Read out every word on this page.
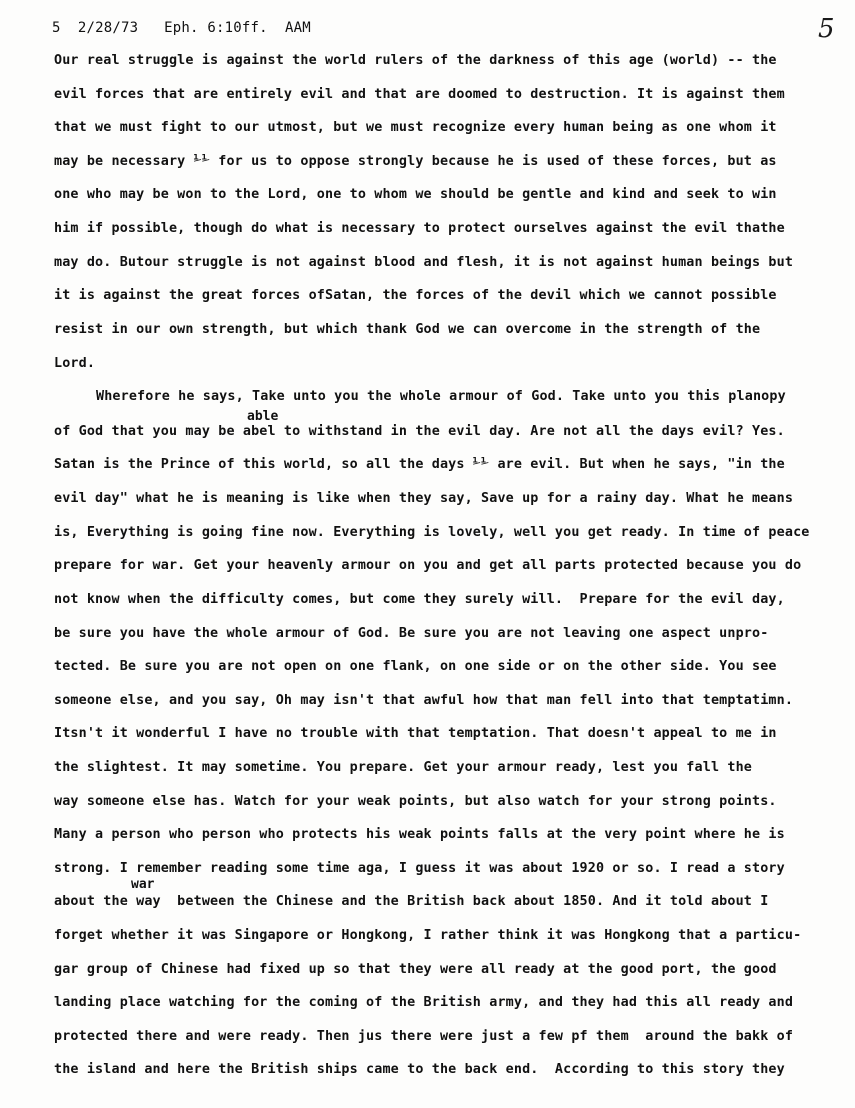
5  2/28/73   Eph. 6:10ff.  AAM	5
able
war
Our real struggle is against the world rulers of the darkness of this age (world) -- the
evil forces that are entirely evil and that are doomed to destruction. It is against them
that we must fight to our utmost, but we must recognize every human being as one whom it
may be necessary ⅟⅟ for us to oppose strongly because he is used of these forces, but as
one who may be won to the Lord, one to whom we should be gentle and kind and seek to win
him if possible, though do what is necessary to protect ourselves against the evil thathe
may do. Butour struggle is not against blood and flesh, it is not against human beings but
it is against the great forces ofSatan, the forces of the devil which we cannot possible
resist in our own strength, but which thank God we can overcome in the strength of the
Lord.
Wherefore he says, Take unto you the whole armour of God. Take unto you this planopy
of God that you may be abel to withstand in the evil day. Are not all the days evil? Yes.
Satan is the Prince of this world, so all the days ⅟⅟ are evil. But when he says, "in the
evil day" what he is meaning is like when they say, Save up for a rainy day. What he means
is, Everything is going fine now. Everything is lovely, well you get ready. In time of peace
prepare for war. Get your heavenly armour on you and get all parts protected because you do
not know when the difficulty comes, but come they surely will.  Prepare for the evil day,
be sure you have the whole armour of God. Be sure you are not leaving one aspect unpro-
tected. Be sure you are not open on one flank, on one side or on the other side. You see
someone else, and you say, Oh may isn't that awful how that man fell into that temptatimn.
Itsn't it wonderful I have no trouble with that temptation. That doesn't appeal to me in
the slightest. It may sometime. You prepare. Get your armour ready, lest you fall the
way someone else has. Watch for your weak points, but also watch for your strong points.
Many a person who person who protects his weak points falls at the very point where he is
strong. I remember reading some time aga, I guess it was about 1920 or so. I read a story
about the way  between the Chinese and the British back about 1850. And it told about I
forget whether it was Singapore or Hongkong, I rather think it was Hongkong that a particu-
gar group of Chinese had fixed up so that they were all ready at the good port, the good
landing place watching for the coming of the British army, and they had this all ready and
protected there and were ready. Then jus there were just a few pf them  around the bakk of
the island and here the British ships came to the back end.  According to this story they
